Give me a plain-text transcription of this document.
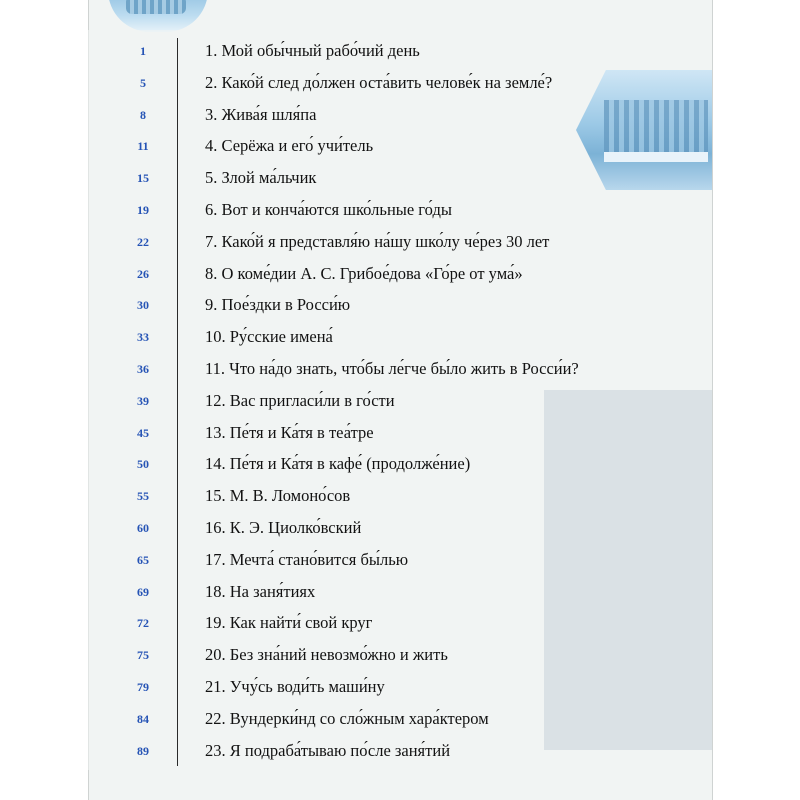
1	1. Мой обы́чный рабо́чий день
5	2. Како́й след до́лжен оста́вить челове́к на земле́?
8	3. Жива́я шля́па
11	4. Серёжа и его́ учи́тель
15	5. Злой ма́льчик
19	6. Вот и конча́ются шко́льные го́ды
22	7. Како́й я представля́ю на́шу шко́лу че́рез 30 лет
26	8. О коме́дии А. С. Грибое́дова «Го́ре от ума́»
30	9. Пое́здки в Росси́ю
33	10. Ру́сские имена́
36	11. Что на́до знать, что́бы ле́гче бы́ло жить в Росси́и?
39	12. Вас пригласи́ли в го́сти
45	13. Пе́тя и Ка́тя в теа́тре
50	14. Пе́тя и Ка́тя в кафе́ (продолже́ние)
55	15. М. В. Ломоно́сов
60	16. К. Э. Циолко́вский
65	17. Мечта́ стано́вится бы́лью
69	18. На заня́тиях
72	19. Как найти́ свой круг
75	20. Без зна́ний невозмо́жно и жить
79	21. Учу́сь води́ть маши́ну
84	22. Вундерки́нд со сло́жным хара́ктером
89	23. Я подраба́тываю по́сле заня́тий
